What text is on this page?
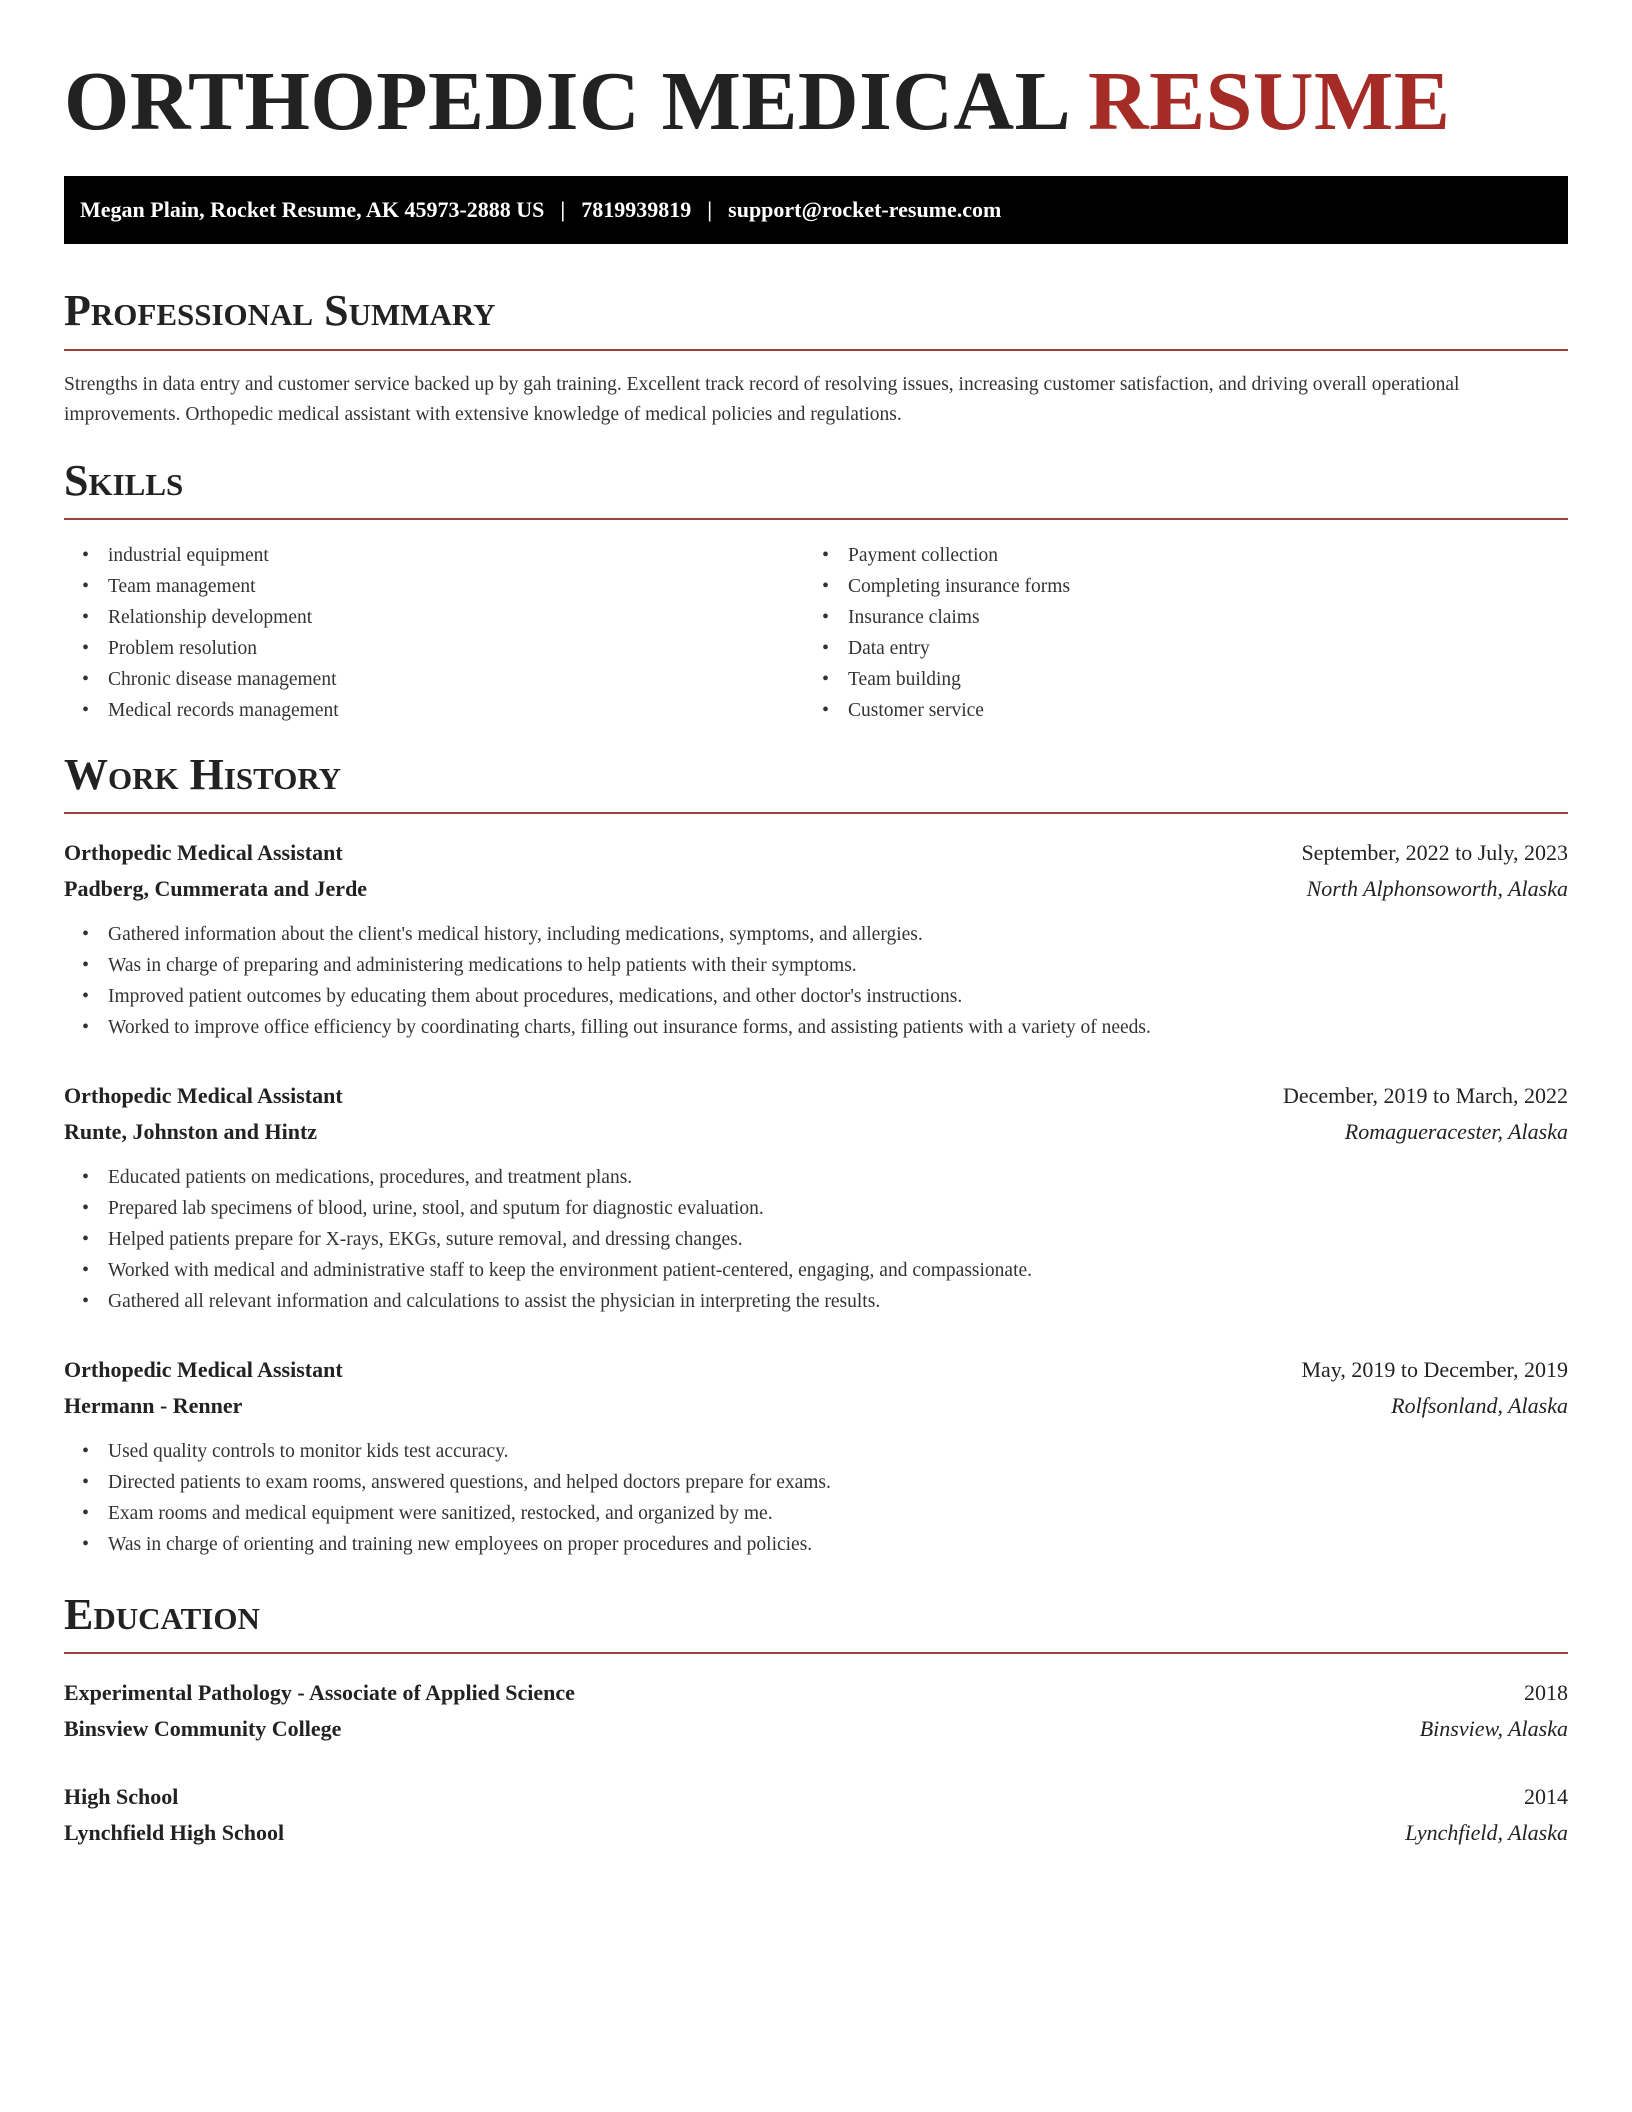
ORTHOPEDIC MEDICAL RESUME
Megan Plain, Rocket Resume, AK 45973-2888 US | 7819939819 | support@rocket-resume.com
Professional Summary

Strengths in data entry and customer service backed up by gah training. Excellent track record of resolving issues, increasing customer satisfaction, and driving overall operational improvements. Orthopedic medical assistant with extensive knowledge of medical policies and regulations.

Skills
• industrial equipment
• Team management
• Relationship development
• Problem resolution
• Chronic disease management
• Medical records management
• Payment collection
• Completing insurance forms
• Insurance claims
• Data entry
• Team building
• Customer service
Work History
Orthopedic Medical Assistant	September, 2022 to July, 2023
Padberg, Cummerata and Jerde	North Alphonsoworth, Alaska
• Gathered information about the client's medical history, including medications, symptoms, and allergies.
• Was in charge of preparing and administering medications to help patients with their symptoms.
• Improved patient outcomes by educating them about procedures, medications, and other doctor's instructions.
• Worked to improve office efficiency by coordinating charts, filling out insurance forms, and assisting patients with a variety of needs.
Orthopedic Medical Assistant	December, 2019 to March, 2022
Runte, Johnston and Hintz	Romagueracester, Alaska
• Educated patients on medications, procedures, and treatment plans.
• Prepared lab specimens of blood, urine, stool, and sputum for diagnostic evaluation.
• Helped patients prepare for X-rays, EKGs, suture removal, and dressing changes.
• Worked with medical and administrative staff to keep the environment patient-centered, engaging, and compassionate.
• Gathered all relevant information and calculations to assist the physician in interpreting the results.
Orthopedic Medical Assistant	May, 2019 to December, 2019
Hermann - Renner	Rolfsonland, Alaska
• Used quality controls to monitor kids test accuracy.
• Directed patients to exam rooms, answered questions, and helped doctors prepare for exams.
• Exam rooms and medical equipment were sanitized, restocked, and organized by me.
• Was in charge of orienting and training new employees on proper procedures and policies.
Education
Experimental Pathology - Associate of Applied Science	2018
Binsview Community College	Binsview, Alaska
High School	2014
Lynchfield High School	Lynchfield, Alaska
